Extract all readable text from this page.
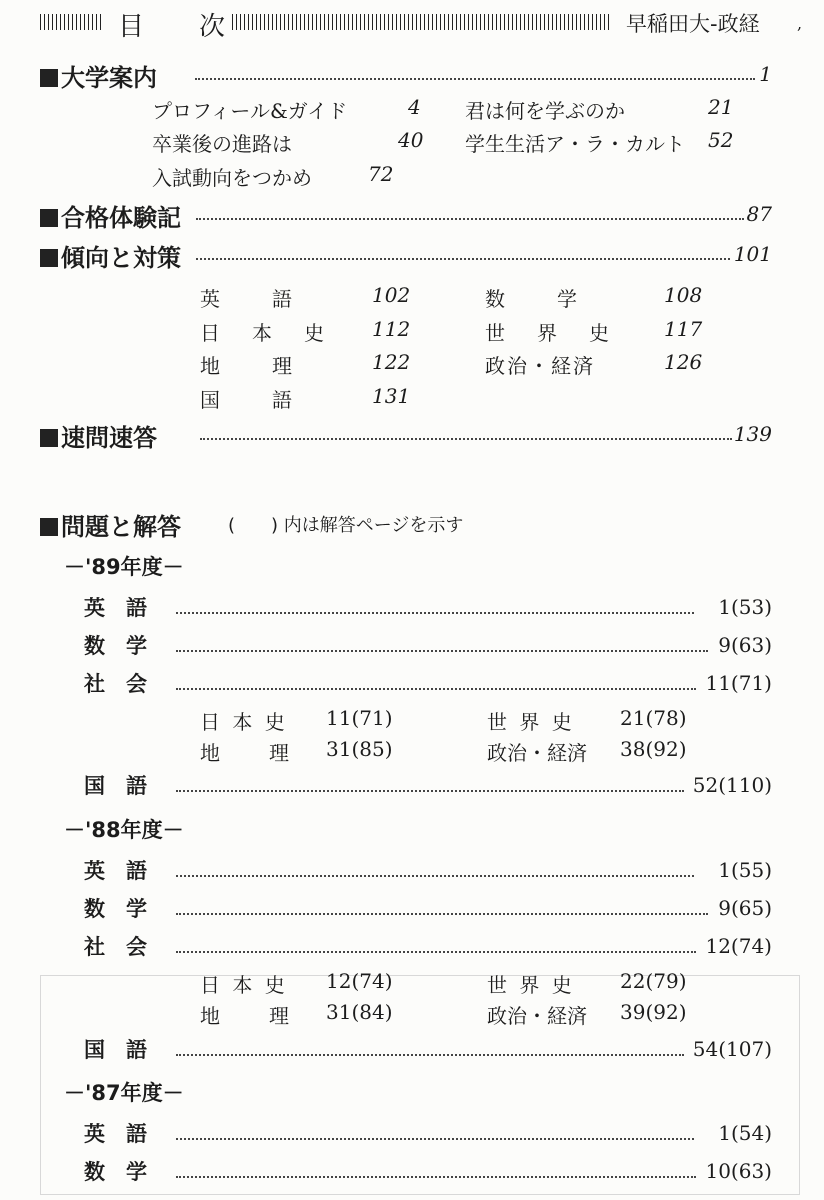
目　　次	早稲田大-政経 ,
大学案内	1
プロフィール&ガイド	4 君は何を学ぶのか	21
卒業後の進路は	40 学生生活ア・ラ・カルト 52
入試動向をつかめ	72
合格体験記	87
傾向と対策	101
英　　語	102	数　　学	108
日　本　史 112	世　界　史 117
地　　理	122	政治・経済	126
国　　語	131
速問速答	139
問題と解答	(　　) 内は解答ページを示す
－'89年度－
英　語	1(53)
数　学	9(63)
社　会	11(71)
日 本 史 11(71)	世 界 史 21(78)
地　　理 31(85)	政治・経済 38(92)
国　語	52(110)
－'88年度－
英　語	1(55)
数　学	9(65)
社　会	12(74)
日 本 史 12(74)	世 界 史 22(79)
地　　理 31(84)	政治・経済 39(92)
国　語	54(107)
－'87年度－
英　語	1(54)
数　学	10(63)
